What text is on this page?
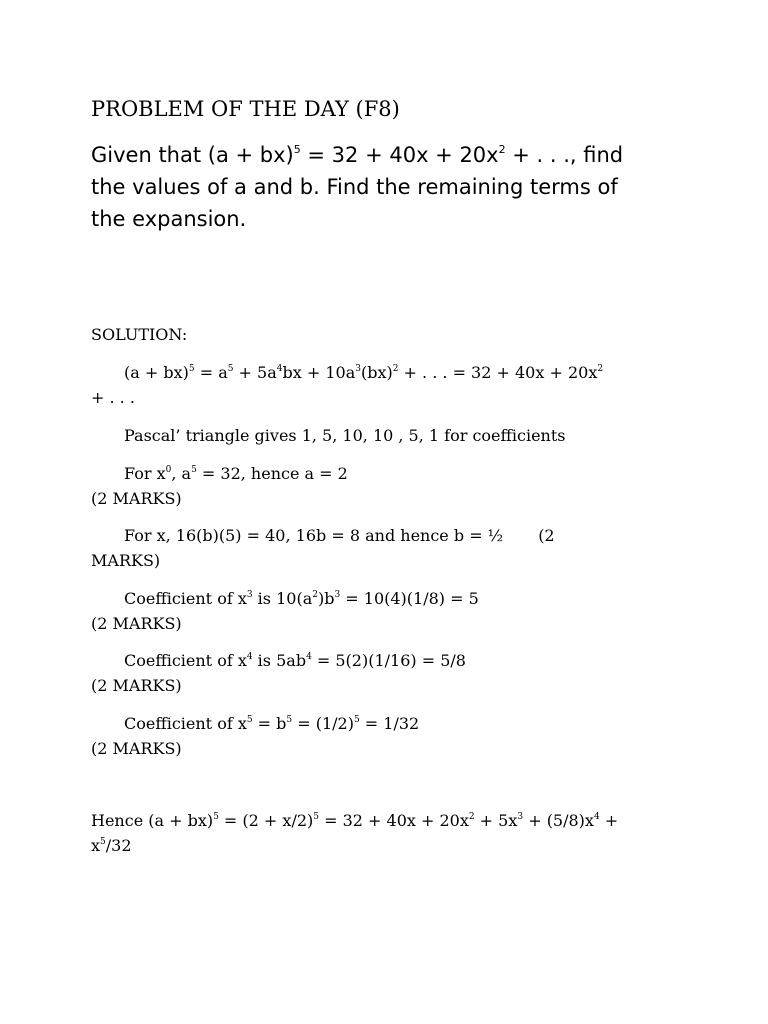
PROBLEM OF THE DAY (F8)
Given that $(a + bx)^5 = 32 + 40x + 20x^2$ + . . ., find
the values of a and b. Find the remaining terms of
the expansion.
SOLUTION:
$(a + bx)^5 = a^5 + 5a^4bx + 10a^3(bx)^2$ + . . . = $32 + 40x + 20x^2$
+ . . .
Pascal’ triangle gives 1, 5, 10, 10 , 5, 1 for coefficients
For $x^0$, $a^5 = 32$, hence a = 2
(2 MARKS)
For x, 16(b)(5) = 40, 16b = 8 and hence b = ½ (2
MARKS)
Coefficient of $x^3$ is $10(a^2)b^3 = 10(4)(1/8) = 5$
(2 MARKS)
Coefficient of $x^4$ is $5ab^4 = 5(2)(1/16) = 5/8$
(2 MARKS)
Coefficient of $x^5 = b^5 = (1/2)^5 = 1/32$
(2 MARKS)
Hence $(a + bx)^5 = (2 + x/2)^5 = 32 + 40x + 20x^2 + 5x^3 + (5/8)x^4$ +
$x^5/32$
